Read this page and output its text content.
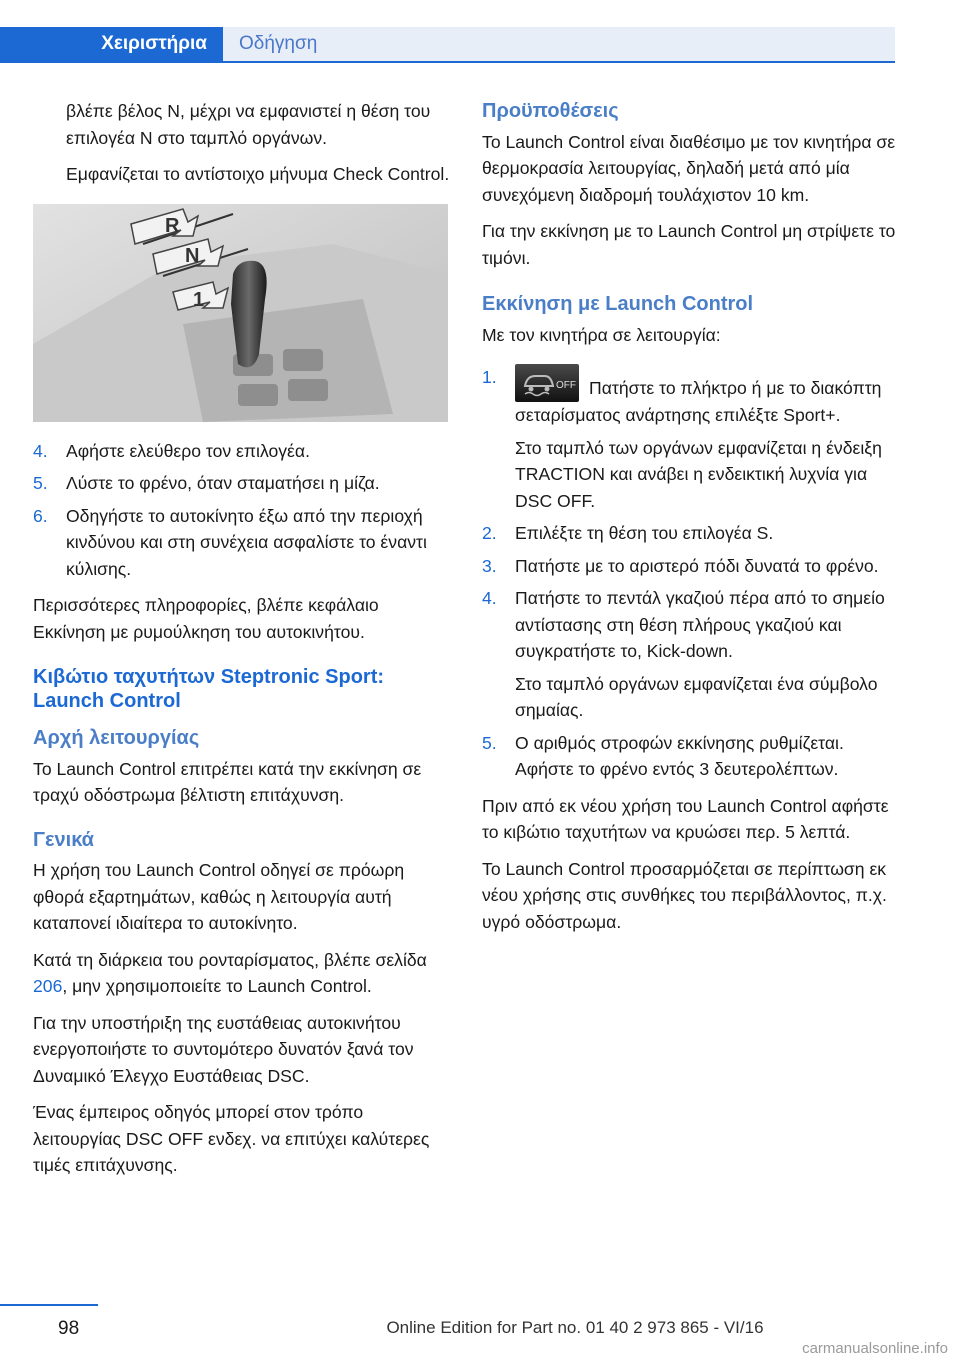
Χειριστήρια	Οδήγηση

βλέπε βέλος N, μέχρι να εμφανιστεί η θέση του επιλογέα N στο ταμπλό οργάνων.

Εμφανίζεται το αντίστοιχο μήνυμα Check Control.

R
N
1
4. Αφήστε ελεύθερο τον επιλογέα.
5. Λύστε το φρένο, όταν σταματήσει η μίζα.
6. Οδηγήστε το αυτοκίνητο έξω από την περιοχή κινδύνου και στη συνέχεια ασφαλίστε το έναντι κύλισης.

Περισσότερες πληροφορίες, βλέπε κεφάλαιο Εκκίνηση με ρυμούλκηση του αυτοκινήτου.

Κιβώτιο ταχυτήτων Steptronic Sport: Launch Control
Αρχή λειτουργίας

Το Launch Control επιτρέπει κατά την εκκίνηση σε τραχύ οδόστρωμα βέλτιστη επιτάχυνση.

Γενικά

Η χρήση του Launch Control οδηγεί σε πρόωρη φθορά εξαρτημάτων, καθώς η λειτουργία αυτή καταπονεί ιδιαίτερα το αυτοκίνητο.

Κατά τη διάρκεια του ρονταρίσματος, βλέπε σελίδα 206, μην χρησιμοποιείτε το Launch Control.

Για την υποστήριξη της ευστάθειας αυτοκινήτου ενεργοποιήστε το συντομότερο δυνατόν ξανά τον Δυναμικό Έλεγχο Ευστάθειας DSC.

Ένας έμπειρος οδηγός μπορεί στον τρόπο λειτουργίας DSC OFF ενδεχ. να επιτύχει καλύτερες τιμές επιτάχυνσης.

Προϋποθέσεις

Το Launch Control είναι διαθέσιμο με τον κινητήρα σε θερμοκρασία λειτουργίας, δηλαδή μετά από μία συνεχόμενη διαδρομή τουλάχιστον 10 km.

Για την εκκίνηση με το Launch Control μη στρίψετε το τιμόνι.

Εκκίνηση με Launch Control

Με τον κινητήρα σε λειτουργία:

1.	OFF Πατήστε το πλήκτρο ή με το διακόπτη σεταρίσματος ανάρτησης επιλέξτε Sport+.

Στο ταμπλό των οργάνων εμφανίζεται η ένδειξη TRACTION και ανάβει η ενδεικτική λυχνία για DSC OFF.

2. Επιλέξτε τη θέση του επιλογέα S.
3. Πατήστε με το αριστερό πόδι δυνατά το φρένο.
4. Πατήστε το πεντάλ γκαζιού πέρα από το σημείο αντίστασης στη θέση πλήρους γκαζιού και συγκρατήστε το, Kick-down.

Στο ταμπλό οργάνων εμφανίζεται ένα σύμβολο σημαίας.

5. Ο αριθμός στροφών εκκίνησης ρυθμίζεται. Αφήστε το φρένο εντός 3 δευτερολέπτων.

Πριν από εκ νέου χρήση του Launch Control αφήστε το κιβώτιο ταχυτήτων να κρυώσει περ. 5 λεπτά.

Το Launch Control προσαρμόζεται σε περίπτωση εκ νέου χρήσης στις συνθήκες του περιβάλλοντος, π.χ. υγρό οδόστρωμα.

98	Online Edition for Part no. 01 40 2 973 865 - VI/16
carmanualsonline.info
